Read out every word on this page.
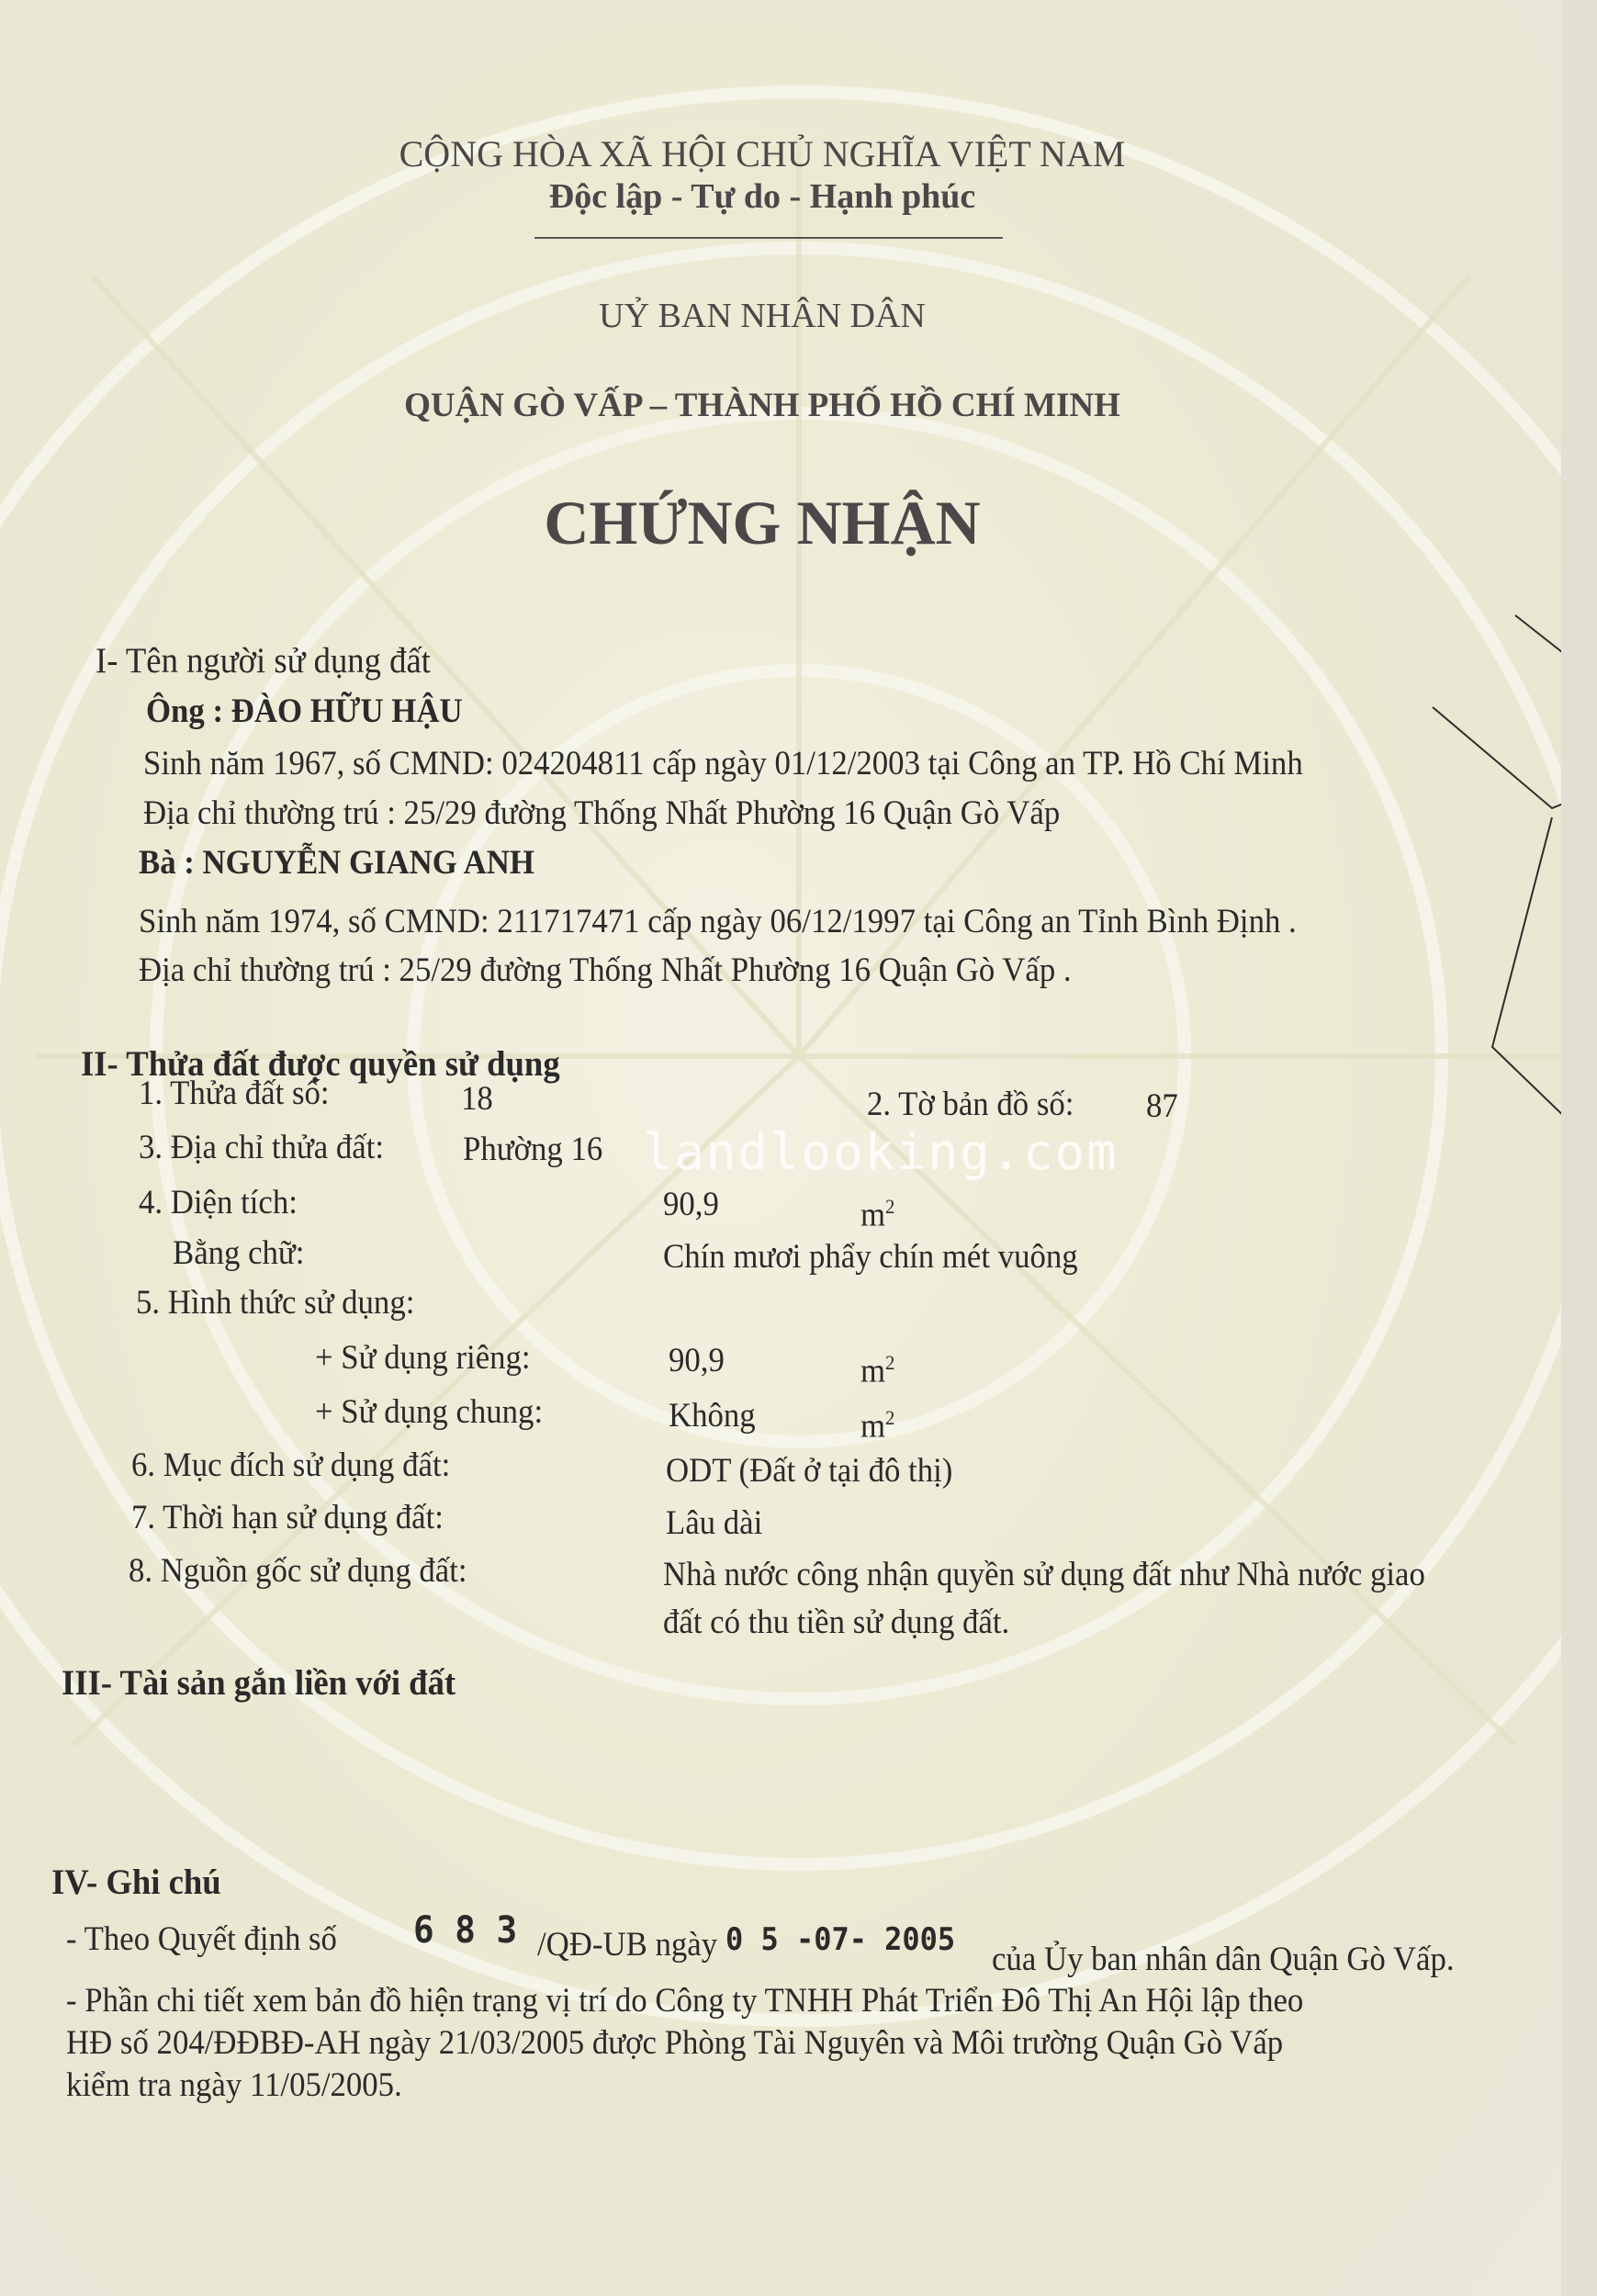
CỘNG HÒA XÃ HỘI CHỦ NGHĨA VIỆT NAM
Độc lập - Tự do - Hạnh phúc
UỶ BAN NHÂN DÂN
QUẬN GÒ VẤP – THÀNH PHỐ HỒ CHÍ MINH
CHỨNG NHẬN
I- Tên người sử dụng đất
Ông : ĐÀO HỮU HẬU
Sinh năm 1967, số CMND: 024204811 cấp ngày 01/12/2003 tại Công an TP. Hồ Chí Minh
Địa chỉ thường trú : 25/29 đường Thống Nhất Phường 16 Quận Gò Vấp
Bà : NGUYỄN GIANG ANH
Sinh năm 1974, số CMND: 211717471 cấp ngày 06/12/1997 tại Công an Tỉnh Bình Định .
Địa chỉ thường trú : 25/29 đường Thống Nhất Phường 16 Quận Gò Vấp .
II- Thửa đất được quyền sử dụng
1. Thửa đất số:	18	2. Tờ bản đồ số: 87
3. Địa chỉ thửa đất: Phường 16 landlooking.com
4. Diện tích:	90,9	$m^2$
Bằng chữ:	Chín mươi phẩy chín mét vuông
5. Hình thức sử dụng:
+ Sử dụng riêng:	90,9	$m^2$
+ Sử dụng chung:	Không	$m^2$
6. Mục đích sử dụng đất:	ODT (Đất ở tại đô thị)
7. Thời hạn sử dụng đất:	Lâu dài
8. Nguồn gốc sử dụng đất:	Nhà nước công nhận quyền sử dụng đất như Nhà nước giao
đất có thu tiền sử dụng đất.
III- Tài sản gắn liền với đất
IV- Ghi chú
- Theo Quyết định số 6 8 3 /QĐ-UB ngày 0 5 -07- 2005
của Ủy ban nhân dân Quận Gò Vấp.
- Phần chi tiết xem bản đồ hiện trạng vị trí do Công ty TNHH Phát Triển Đô Thị An Hội lập theo
HĐ số 204/ĐĐBĐ-AH ngày 21/03/2005 được Phòng Tài Nguyên và Môi trường Quận Gò Vấp
kiểm tra ngày 11/05/2005.
